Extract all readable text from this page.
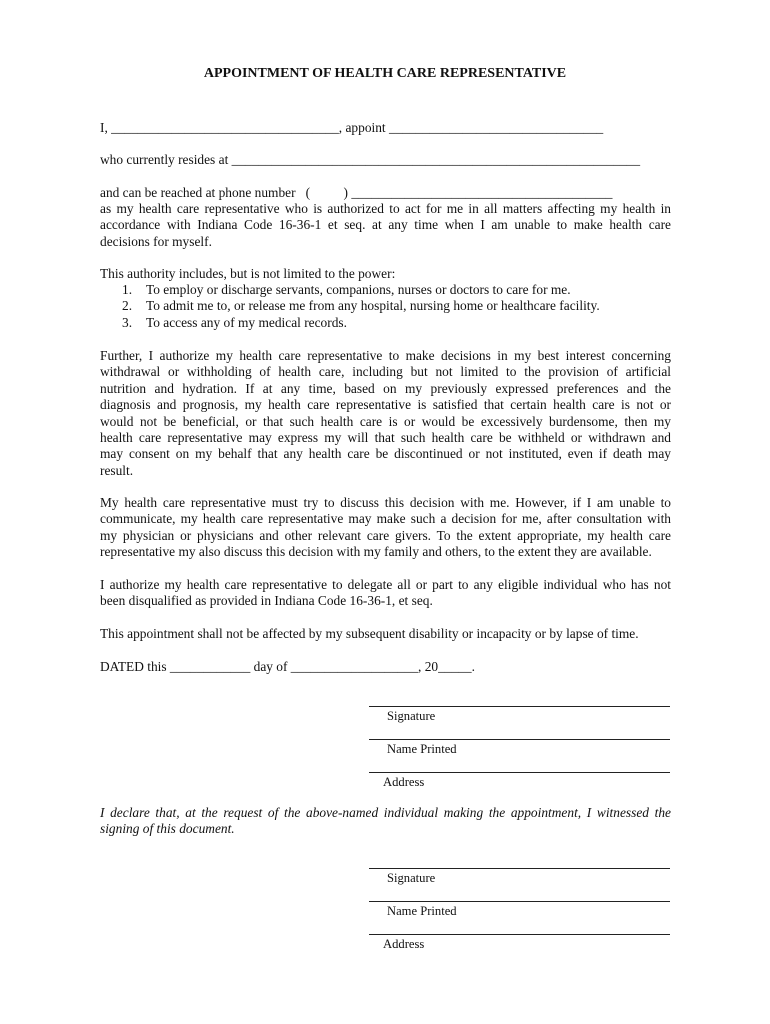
APPOINTMENT OF HEALTH CARE REPRESENTATIVE
I, __________________________________, appoint ________________________________
who currently resides at _____________________________________________________________
and can be reached at phone number   (          ) _______________________________________
as my health care representative who is authorized to act for me in all matters affecting my health in
accordance with Indiana Code 16-36-1 et seq. at any time when I am unable to make health care
decisions for myself.
This authority includes, but is not limited to the power:
1. To employ or discharge servants, companions, nurses or doctors to care for me.
2. To admit me to, or release me from any hospital, nursing home or healthcare facility.
3. To access any of my medical records.
Further, I authorize my health care representative to make decisions in my best interest concerning
withdrawal or withholding of health care, including but not limited to the provision of artificial
nutrition and hydration. If at any time, based on my previously expressed preferences and the
diagnosis and prognosis, my health care representative is satisfied that certain health care is not or
would not be beneficial, or that such health care is or would be excessively burdensome, then my
health care representative may express my will that such health care be withheld or withdrawn and
may consent on my behalf that any health care be discontinued or not instituted, even if death may
result.
My health care representative must try to discuss this decision with me. However, if I am unable to
communicate, my health care representative may make such a decision for me, after consultation with
my physician or physicians and other relevant care givers. To the extent appropriate, my health care
representative my also discuss this decision with my family and others, to the extent they are available.
I authorize my health care representative to delegate all or part to any eligible individual who has not
been disqualified as provided in Indiana Code 16-36-1, et seq.
This appointment shall not be affected by my subsequent disability or incapacity or by lapse of time.
DATED this ____________ day of ___________________, 20_____.
Signature
Name Printed
Address
I declare that, at the request of the above-named individual making the appointment, I witnessed the
signing of this document.
Signature
Name Printed
Address
